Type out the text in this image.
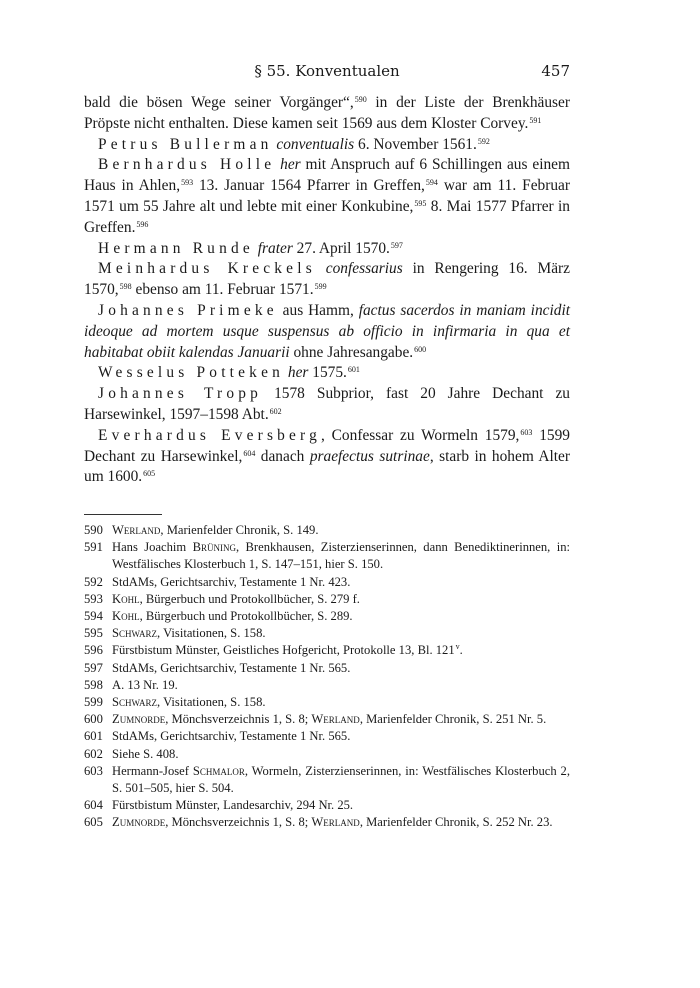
§ 55. Konventualen	457

bald die bösen Wege seiner Vorgänger“,$^{590}$ in der Liste der Brenkhäuser Pröpste nicht enthalten. Diese kamen seit 1569 aus dem Kloster Corvey.$^{591}$

Petrus Bullerman conventualis 6. November 1561.$^{592}$

Bernhardus Holle her mit Anspruch auf 6 Schillingen aus einem Haus in Ahlen,$^{593}$ 13. Januar 1564 Pfarrer in Greffen,$^{594}$ war am 11. Februar 1571 um 55 Jahre alt und lebte mit einer Konkubine,$^{595}$ 8. Mai 1577 Pfarrer in Greffen.$^{596}$

Hermann Runde frater 27. April 1570.$^{597}$

Meinhardus Kreckels confessarius in Rengering 16. März 1570,$^{598}$ ebenso am 11. Februar 1571.$^{599}$

Johannes Primeke aus Hamm, factus sacerdos in maniam incidit ideoque ad mortem usque suspensus ab officio in infirmaria in qua et habitabat obiit kalendas Januarii ohne Jahresangabe.$^{600}$

Wesselus Potteken her 1575.$^{601}$

Johannes Tropp 1578 Subprior, fast 20 Jahre Dechant zu Harsewinkel, 1597–1598 Abt.$^{602}$

Everhardus Eversberg, Confessar zu Wormeln 1579,$^{603}$ 1599 Dechant zu Harsewinkel,$^{604}$ danach praefectus sutrinae, starb in hohem Alter um 1600.$^{605}$

590 Werland, Marienfelder Chronik, S. 149.
591 Hans Joachim Brüning, Brenkhausen, Zisterzienserinnen, dann Benediktinerinnen, in: Westfälisches Klosterbuch 1, S. 147–151, hier S. 150.
592 StdAMs, Gerichtsarchiv, Testamente 1 Nr. 423.
593 Kohl, Bürgerbuch und Protokollbücher, S. 279 f.
594 Kohl, Bürgerbuch und Protokollbücher, S. 289.
595 Schwarz, Visitationen, S. 158.
596 Fürstbistum Münster, Geistliches Hofgericht, Protokolle 13, Bl. 121$^v$.
597 StdAMs, Gerichtsarchiv, Testamente 1 Nr. 565.
598 A. 13 Nr. 19.
599 Schwarz, Visitationen, S. 158.
600 Zumnorde, Mönchsverzeichnis 1, S. 8; Werland, Marienfelder Chronik, S. 251 Nr. 5.
601 StdAMs, Gerichtsarchiv, Testamente 1 Nr. 565.
602 Siehe S. 408.
603 Hermann-Josef Schmalor, Wormeln, Zisterzienserinnen, in: Westfälisches Klosterbuch 2, S. 501–505, hier S. 504.
604 Fürstbistum Münster, Landesarchiv, 294 Nr. 25.
605 Zumnorde, Mönchsverzeichnis 1, S. 8; Werland, Marienfelder Chronik, S. 252 Nr. 23.
